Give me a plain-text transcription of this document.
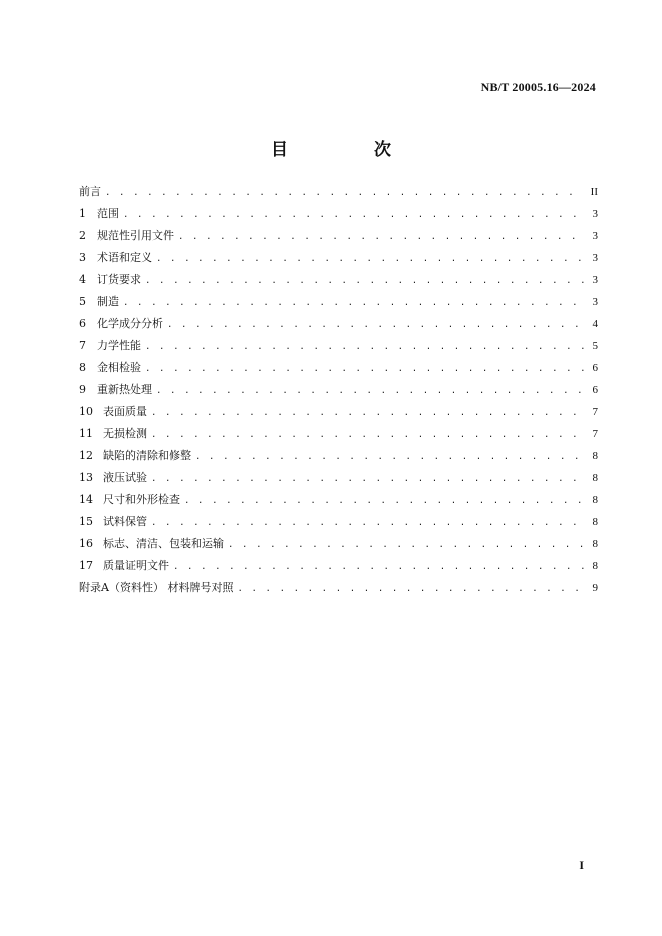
NB/T 20005.16—2024
目 次
前言 . . .	II
1	范围 . . .	3
2	规范性引用文件 . . .	3
3	术语和定义 . . .	3
4	订货要求 . . .	3
5	制造 . . .	3
6	化学成分分析 . . .	4
7	力学性能 . . .	5
8	金相检验 . . .	6
9	重新热处理 . . .	6
10 表面质量 . . .	7
11 无损检测 . . .	7
12 缺陷的清除和修整 . . .	8
13 液压试验 . . .	8
14 尺寸和外形检查 . . .	8
15 试料保管 . . .	8
16 标志、清洁、包装和运输 . . .	8
17 质量证明文件 . . .	8
附录A（资料性） 材料牌号对照 . . .	9
I
